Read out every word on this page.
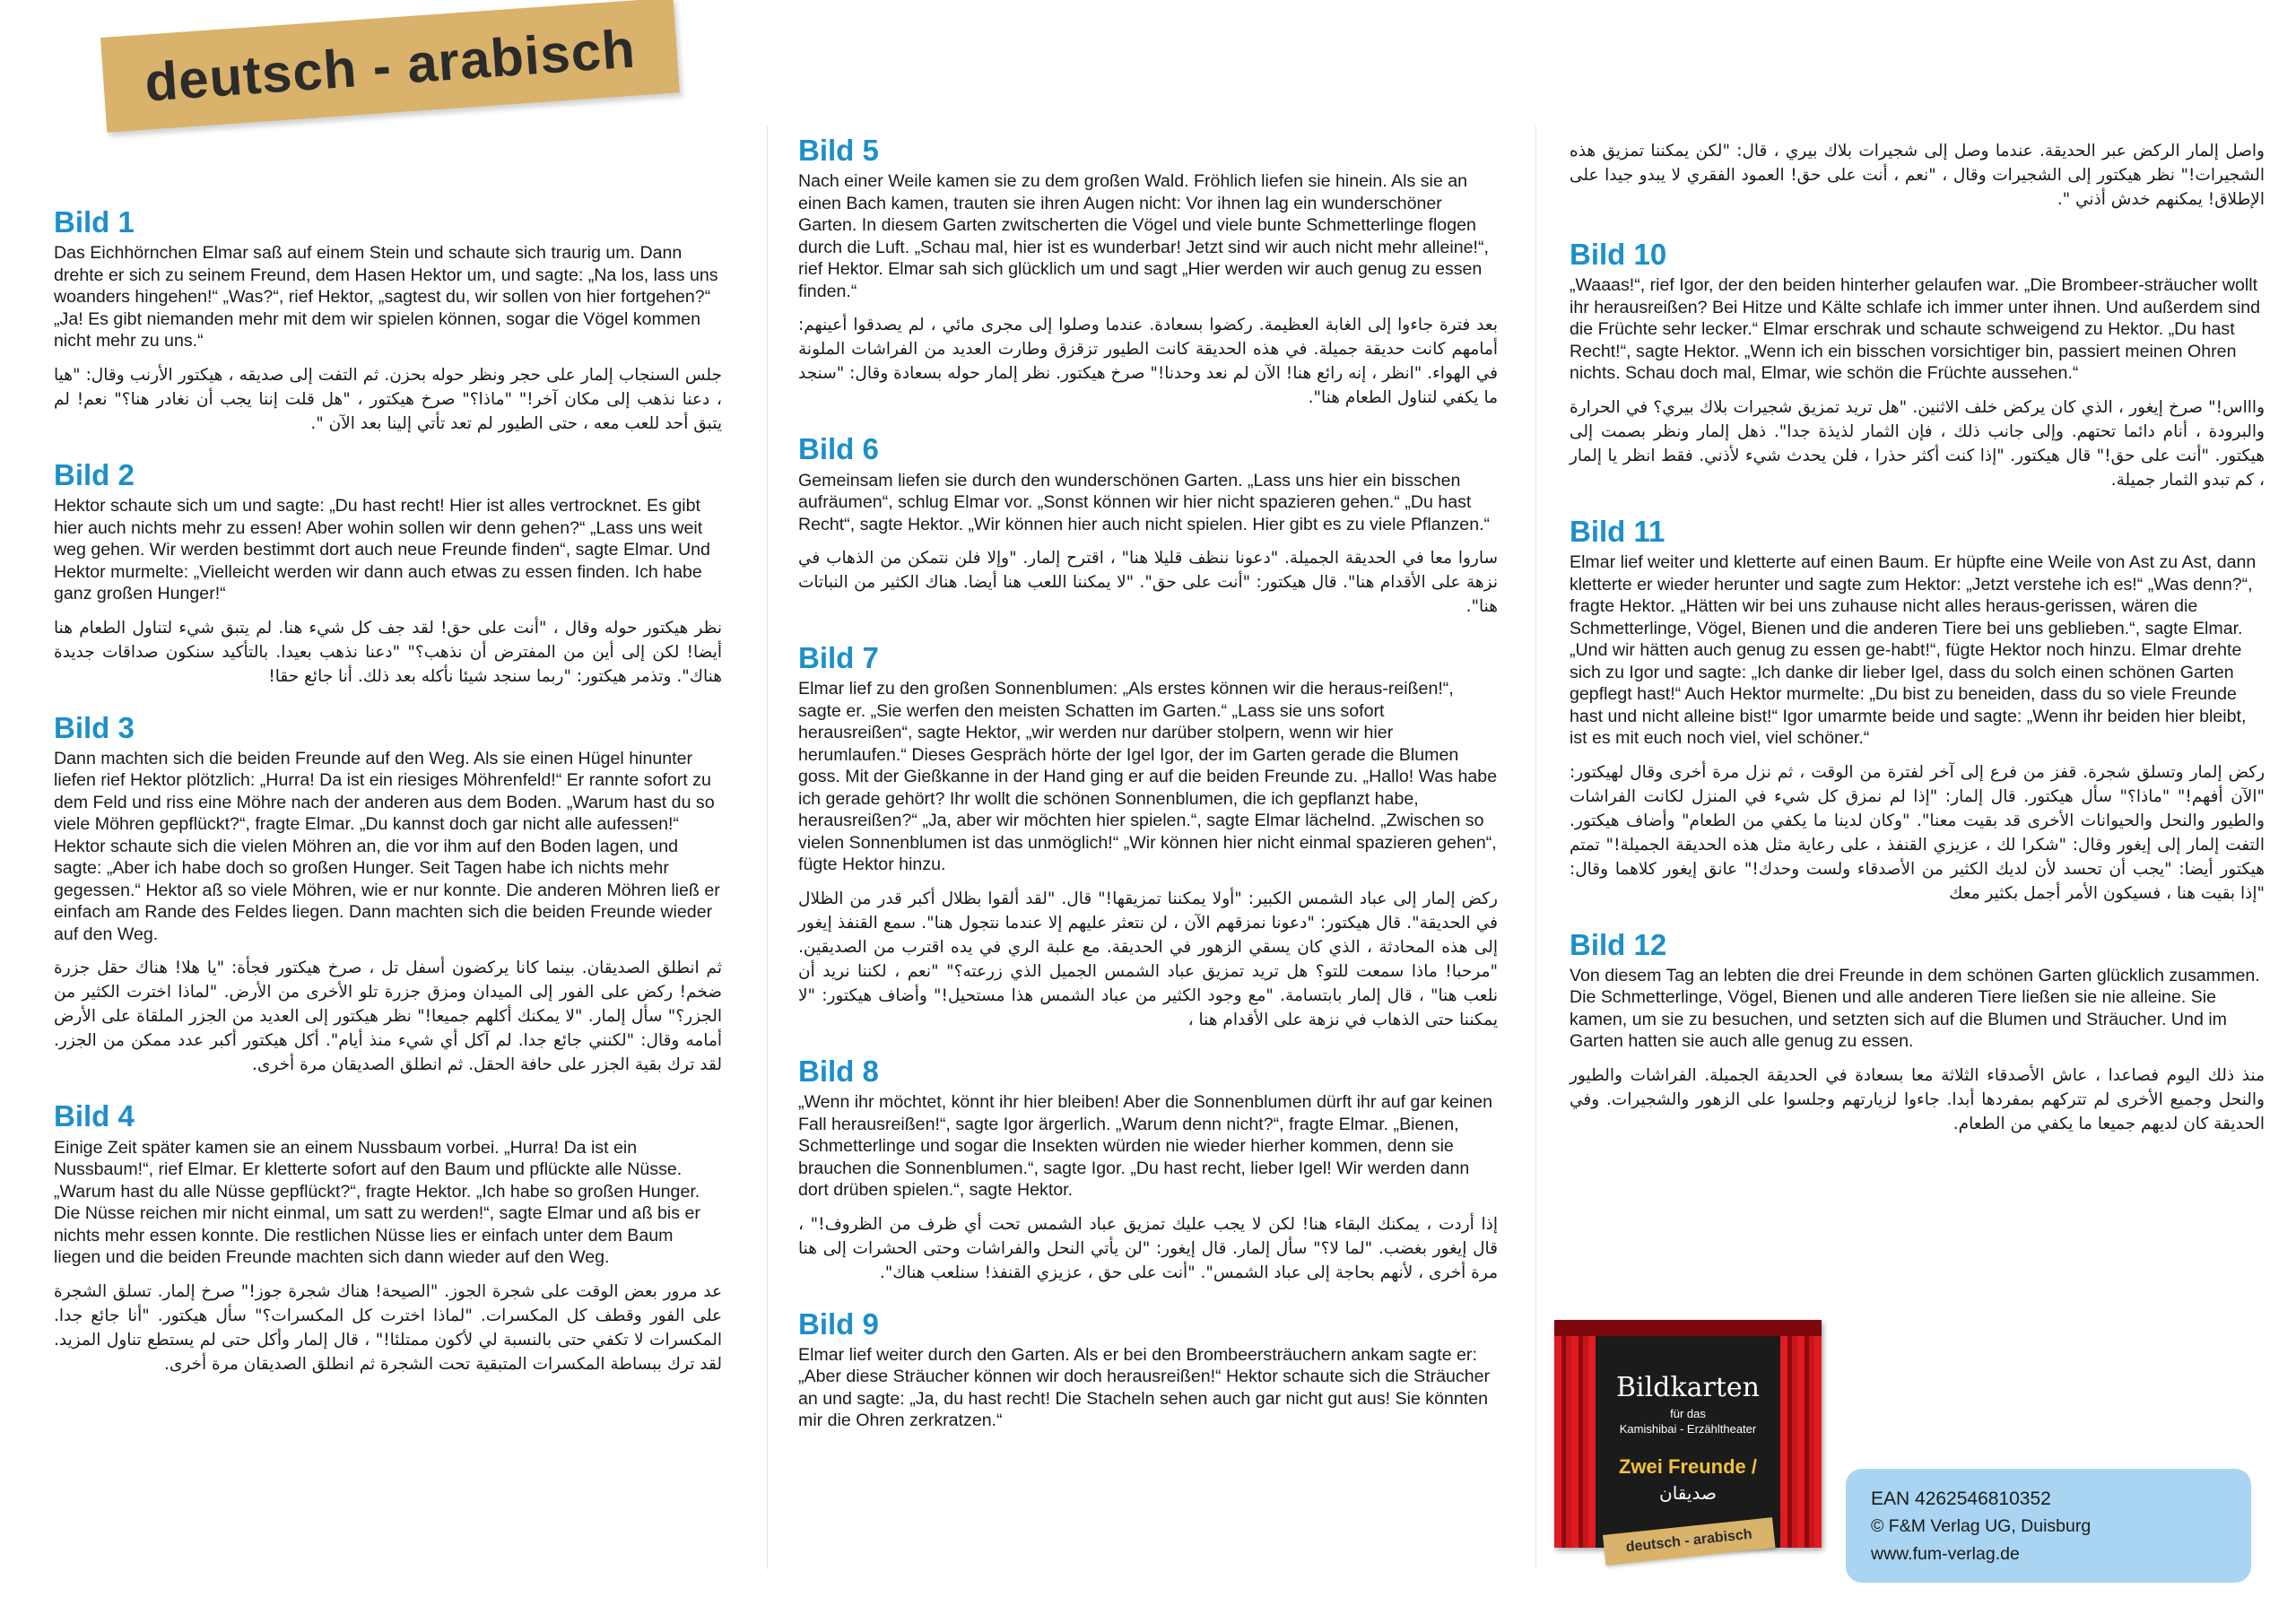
deutsch - arabisch
Bild 1

Das Eichhörnchen Elmar saß auf einem Stein und schaute sich traurig um. Dann drehte er sich zu seinem Freund, dem Hasen Hektor um, und sagte: „Na los, lass uns woanders hingehen!“ „Was?“, rief Hektor, „sagtest du, wir sollen von hier fortgehen?“ „Ja! Es gibt niemanden mehr mit dem wir spielen können, sogar die Vögel kommen nicht mehr zu uns.“

جلس السنجاب إلمار على حجر ونظر حوله بحزن. ثم التفت إلى صديقه ، هيكتور الأرنب وقال: "هيا ، دعنا نذهب إلى مكان آخر!" "ماذا؟" صرخ هيكتور ، "هل قلت إننا يجب أن نغادر هنا؟" نعم! لم يتبق أحد للعب معه ، حتى الطيور لم تعد تأتي إلينا بعد الآن ".

Bild 2

Hektor schaute sich um und sagte: „Du hast recht! Hier ist alles vertrocknet. Es gibt hier auch nichts mehr zu essen! Aber wohin sollen wir denn gehen?“ „Lass uns weit weg gehen. Wir werden bestimmt dort auch neue Freunde finden“, sagte Elmar. Und Hektor murmelte: „Vielleicht werden wir dann auch etwas zu essen finden. Ich habe ganz großen Hunger!“

نظر هيكتور حوله وقال ، "أنت على حق! لقد جف كل شيء هنا. لم يتبق شيء لتناول الطعام هنا أيضا! لكن إلى أين من المفترض أن نذهب؟" "دعنا نذهب بعيدا. بالتأكيد سنكون صداقات جديدة هناك". وتذمر هيكتور: "ربما سنجد شيئا نأكله بعد ذلك. أنا جائع حقا!

Bild 3

Dann machten sich die beiden Freunde auf den Weg. Als sie einen Hügel hinunter liefen rief Hektor plötzlich: „Hurra! Da ist ein riesiges Möhrenfeld!“ Er rannte sofort zu dem Feld und riss eine Möhre nach der anderen aus dem Boden. „Warum hast du so viele Möhren gepflückt?“, fragte Elmar. „Du kannst doch gar nicht alle aufessen!“ Hektor schaute sich die vielen Möhren an, die vor ihm auf den Boden lagen, und sagte: „Aber ich habe doch so großen Hunger. Seit Tagen habe ich nichts mehr gegessen.“ Hektor aß so viele Möhren, wie er nur konnte. Die anderen Möhren ließ er einfach am Rande des Feldes liegen. Dann machten sich die beiden Freunde wieder auf den Weg.

ثم انطلق الصديقان. بينما كانا يركضون أسفل تل ، صرخ هيكتور فجأة: "يا هلا! هناك حقل جزرة ضخم! ركض على الفور إلى الميدان ومزق جزرة تلو الأخرى من الأرض. "لماذا اخترت الكثير من الجزر؟" سأل إلمار. "لا يمكنك أكلهم جميعا!" نظر هيكتور إلى العديد من الجزر الملقاة على الأرض أمامه وقال: "لكنني جائع جدا. لم آكل أي شيء منذ أيام". أكل هيكتور أكبر عدد ممكن من الجزر. لقد ترك بقية الجزر على حافة الحقل. ثم انطلق الصديقان مرة أخرى.

Bild 4

Einige Zeit später kamen sie an einem Nussbaum vorbei. „Hurra! Da ist ein Nussbaum!“, rief Elmar. Er kletterte sofort auf den Baum und pflückte alle Nüsse. „Warum hast du alle Nüsse gepflückt?“, fragte Hektor. „Ich habe so großen Hunger. Die Nüsse reichen mir nicht einmal, um satt zu werden!“, sagte Elmar und aß bis er nichts mehr essen konnte. Die restlichen Nüsse lies er einfach unter dem Baum liegen und die beiden Freunde machten sich dann wieder auf den Weg.

عد مرور بعض الوقت على شجرة الجوز. "الصيحة! هناك شجرة جوز!" صرخ إلمار. تسلق الشجرة على الفور وقطف كل المكسرات. "لماذا اخترت كل المكسرات؟" سأل هيكتور. "أنا جائع جدا. المكسرات لا تكفي حتى بالنسبة لي لأكون ممتلئا!" ، قال إلمار وأكل حتى لم يستطع تناول المزيد. لقد ترك ببساطة المكسرات المتبقية تحت الشجرة ثم انطلق الصديقان مرة أخرى.

Bild 5

Nach einer Weile kamen sie zu dem großen Wald. Fröhlich liefen sie hinein. Als sie an einen Bach kamen, trauten sie ihren Augen nicht: Vor ihnen lag ein wunderschöner Garten. In diesem Garten zwitscherten die Vögel und viele bunte Schmetterlinge flogen durch die Luft. „Schau mal, hier ist es wunderbar! Jetzt sind wir auch nicht mehr alleine!“, rief Hektor. Elmar sah sich glücklich um und sagt „Hier werden wir auch genug zu essen finden.“

بعد فترة جاءوا إلى الغابة العظيمة. ركضوا بسعادة. عندما وصلوا إلى مجرى مائي ، لم يصدقوا أعينهم: أمامهم كانت حديقة جميلة. في هذه الحديقة كانت الطيور تزقزق وطارت العديد من الفراشات الملونة في الهواء. "انظر ، إنه رائع هنا! الآن لم نعد وحدنا!" صرخ هيكتور. نظر إلمار حوله بسعادة وقال: "سنجد ما يكفي لتناول الطعام هنا".

Bild 6

Gemeinsam liefen sie durch den wunderschönen Garten. „Lass uns hier ein bisschen aufräumen“, schlug Elmar vor. „Sonst können wir hier nicht spazieren gehen.“ „Du hast Recht“, sagte Hektor. „Wir können hier auch nicht spielen. Hier gibt es zu viele Pflanzen.“

ساروا معا في الحديقة الجميلة. "دعونا ننظف قليلا هنا" ، اقترح إلمار. "وإلا فلن نتمكن من الذهاب في نزهة على الأقدام هنا". قال هيكتور: "أنت على حق". "لا يمكننا اللعب هنا أيضا. هناك الكثير من النباتات هنا".

Bild 7

Elmar lief zu den großen Sonnenblumen: „Als erstes können wir die heraus-reißen!“, sagte er. „Sie werfen den meisten Schatten im Garten.“ „Lass sie uns sofort herausreißen“, sagte Hektor, „wir werden nur darüber stolpern, wenn wir hier herumlaufen.“ Dieses Gespräch hörte der Igel Igor, der im Garten gerade die Blumen goss. Mit der Gießkanne in der Hand ging er auf die beiden Freunde zu. „Hallo! Was habe ich gerade gehört? Ihr wollt die schönen Sonnenblumen, die ich gepflanzt habe, herausreißen?“ „Ja, aber wir möchten hier spielen.“, sagte Elmar lächelnd. „Zwischen so vielen Sonnenblumen ist das unmöglich!“ „Wir können hier nicht einmal spazieren gehen“, fügte Hektor hinzu.

ركض إلمار إلى عباد الشمس الكبير: "أولا يمكننا تمزيقها!" قال. "لقد ألقوا بظلال أكبر قدر من الظلال في الحديقة". قال هيكتور: "دعونا نمزقهم الآن ، لن نتعثر عليهم إلا عندما نتجول هنا". سمع القنفذ إيغور إلى هذه المحادثة ، الذي كان يسقي الزهور في الحديقة. مع علبة الري في يده اقترب من الصديقين. "مرحبا! ماذا سمعت للتو؟ هل تريد تمزيق عباد الشمس الجميل الذي زرعته؟" "نعم ، لكننا نريد أن نلعب هنا" ، قال إلمار بابتسامة. "مع وجود الكثير من عباد الشمس هذا مستحيل!" وأضاف هيكتور: "لا يمكننا حتى الذهاب في نزهة على الأقدام هنا ،

Bild 8

„Wenn ihr möchtet, könnt ihr hier bleiben! Aber die Sonnenblumen dürft ihr auf gar keinen Fall herausreißen!“, sagte Igor ärgerlich. „Warum denn nicht?“, fragte Elmar. „Bienen, Schmetterlinge und sogar die Insekten würden nie wieder hierher kommen, denn sie brauchen die Sonnenblumen.“, sagte Igor. „Du hast recht, lieber Igel! Wir werden dann dort drüben spielen.“, sagte Hektor.

إذا أردت ، يمكنك البقاء هنا! لكن لا يجب عليك تمزيق عباد الشمس تحت أي ظرف من الظروف!" ، قال إيغور بغضب. "لما لا؟" سأل إلمار. قال إيغور: "لن يأتي النحل والفراشات وحتى الحشرات إلى هنا مرة أخرى ، لأنهم بحاجة إلى عباد الشمس". "أنت على حق ، عزيزي القنفذ! سنلعب هناك".

Bild 9

Elmar lief weiter durch den Garten. Als er bei den Brombeersträuchern ankam sagte er: „Aber diese Sträucher können wir doch herausreißen!“ Hektor schaute sich die Sträucher an und sagte: „Ja, du hast recht! Die Stacheln sehen auch gar nicht gut aus! Sie könnten mir die Ohren zerkratzen.“

واصل إلمار الركض عبر الحديقة. عندما وصل إلى شجيرات بلاك بيري ، قال: "لكن يمكننا تمزيق هذه الشجيرات!" نظر هيكتور إلى الشجيرات وقال ، "نعم ، أنت على حق! العمود الفقري لا يبدو جيدا على الإطلاق! يمكنهم خدش أذني ".

Bild 10

„Waaas!“, rief Igor, der den beiden hinterher gelaufen war. „Die Brombeer-sträucher wollt ihr herausreißen? Bei Hitze und Kälte schlafe ich immer unter ihnen. Und außerdem sind die Früchte sehr lecker.“ Elmar erschrak und schaute schweigend zu Hektor. „Du hast Recht!“, sagte Hektor. „Wenn ich ein bisschen vorsichtiger bin, passiert meinen Ohren nichts. Schau doch mal, Elmar, wie schön die Früchte aussehen.“

واااس!" صرخ إيغور ، الذي كان يركض خلف الاثنين. "هل تريد تمزيق شجيرات بلاك بيري؟ في الحرارة والبرودة ، أنام دائما تحتهم. وإلى جانب ذلك ، فإن الثمار لذيذة جدا". ذهل إلمار ونظر بصمت إلى هيكتور. "أنت على حق!" قال هيكتور. "إذا كنت أكثر حذرا ، فلن يحدث شيء لأذني. فقط انظر يا إلمار ، كم تبدو الثمار جميلة.

Bild 11

Elmar lief weiter und kletterte auf einen Baum. Er hüpfte eine Weile von Ast zu Ast, dann kletterte er wieder herunter und sagte zum Hektor: „Jetzt verstehe ich es!“ „Was denn?“, fragte Hektor. „Hätten wir bei uns zuhause nicht alles heraus-gerissen, wären die Schmetterlinge, Vögel, Bienen und die anderen Tiere bei uns geblieben.“, sagte Elmar. „Und wir hätten auch genug zu essen ge-habt!“, fügte Hektor noch hinzu. Elmar drehte sich zu Igor und sagte: „Ich danke dir lieber Igel, dass du solch einen schönen Garten gepflegt hast!“ Auch Hektor murmelte: „Du bist zu beneiden, dass du so viele Freunde hast und nicht alleine bist!“ Igor umarmte beide und sagte: „Wenn ihr beiden hier bleibt, ist es mit euch noch viel, viel schöner.“

ركض إلمار وتسلق شجرة. قفز من فرع إلى آخر لفترة من الوقت ، ثم نزل مرة أخرى وقال لهيكتور: "الآن أفهم!" "ماذا؟" سأل هيكتور. قال إلمار: "إذا لم نمزق كل شيء في المنزل لكانت الفراشات والطيور والنحل والحيوانات الأخرى قد بقيت معنا". "وكان لدينا ما يكفي من الطعام" وأضاف هيكتور. التفت إلمار إلى إيغور وقال: "شكرا لك ، عزيزي القنفذ ، على رعاية مثل هذه الحديقة الجميلة!" تمتم هيكتور أيضا: "يجب أن تحسد لأن لديك الكثير من الأصدقاء ولست وحدك!" عانق إيغور كلاهما وقال: "إذا بقيت هنا ، فسيكون الأمر أجمل بكثير معك

Bild 12

Von diesem Tag an lebten die drei Freunde in dem schönen Garten glücklich zusammen. Die Schmetterlinge, Vögel, Bienen und alle anderen Tiere ließen sie nie alleine. Sie kamen, um sie zu besuchen, und setzten sich auf die Blumen und Sträucher. Und im Garten hatten sie auch alle genug zu essen.

منذ ذلك اليوم فصاعدا ، عاش الأصدقاء الثلاثة معا بسعادة في الحديقة الجميلة. الفراشات والطيور والنحل وجميع الأخرى لم تتركهم بمفردها أبدا. جاءوا لزيارتهم وجلسوا على الزهور والشجيرات. وفي الحديقة كان لديهم جميعا ما يكفي من الطعام.

Bildkarten
für das
Kamishibai - Erzähltheater
Zwei Freunde /
صديقان
deutsch - arabisch
EAN 4262546810352
© F&M Verlag UG, Duisburg
www.fum-verlag.de
